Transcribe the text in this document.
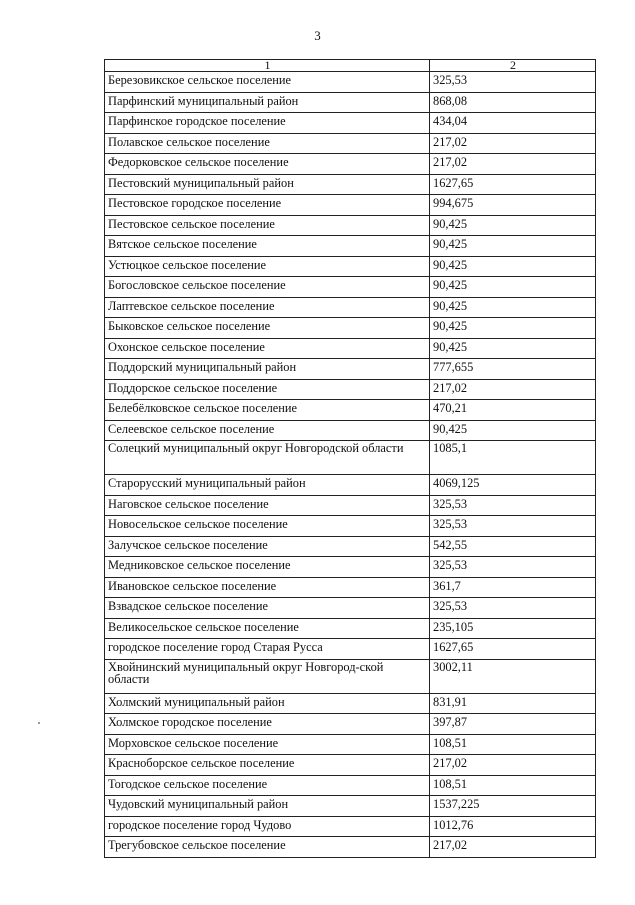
3
1	2
Березовикское сельское поселение	325,53
Парфинский муниципальный район	868,08
Парфинское городское поселение	434,04
Полавское сельское поселение	217,02
Федорковское сельское поселение	217,02
Пестовский муниципальный район	1627,65
Пестовское городское поселение	994,675
Пестовское сельское поселение	90,425
Вятское сельское поселение	90,425
Устюцкое сельское поселение	90,425
Богословское сельское поселение	90,425
Лаптевское сельское поселение	90,425
Быковское сельское поселение	90,425
Охонское сельское поселение	90,425
Поддорский муниципальный район	777,655
Поддорское сельское поселение	217,02
Белебёлковское сельское поселение	470,21
Селеевское сельское поселение	90,425
Солецкий муниципальный округ Новгородской области	1085,1
Старорусский муниципальный район	4069,125
Наговское сельское поселение	325,53
Новосельское сельское поселение	325,53
Залучское сельское поселение	542,55
Медниковское сельское поселение	325,53
Ивановское сельское поселение	361,7
Взвадское сельское поселение	325,53
Великосельское сельское поселение	235,105
городское поселение город Старая Русса	1627,65
Хвойнинский муниципальный округ Новгород-ской области	3002,11
Холмский муниципальный район	831,91
Холмское городское поселение	397,87
Морховское сельское поселение	108,51
Красноборское сельское поселение	217,02
Тогодское сельское поселение	108,51
Чудовский муниципальный район	1537,225
городское поселение город Чудово	1012,76
Трегубовское сельское поселение	217,02
